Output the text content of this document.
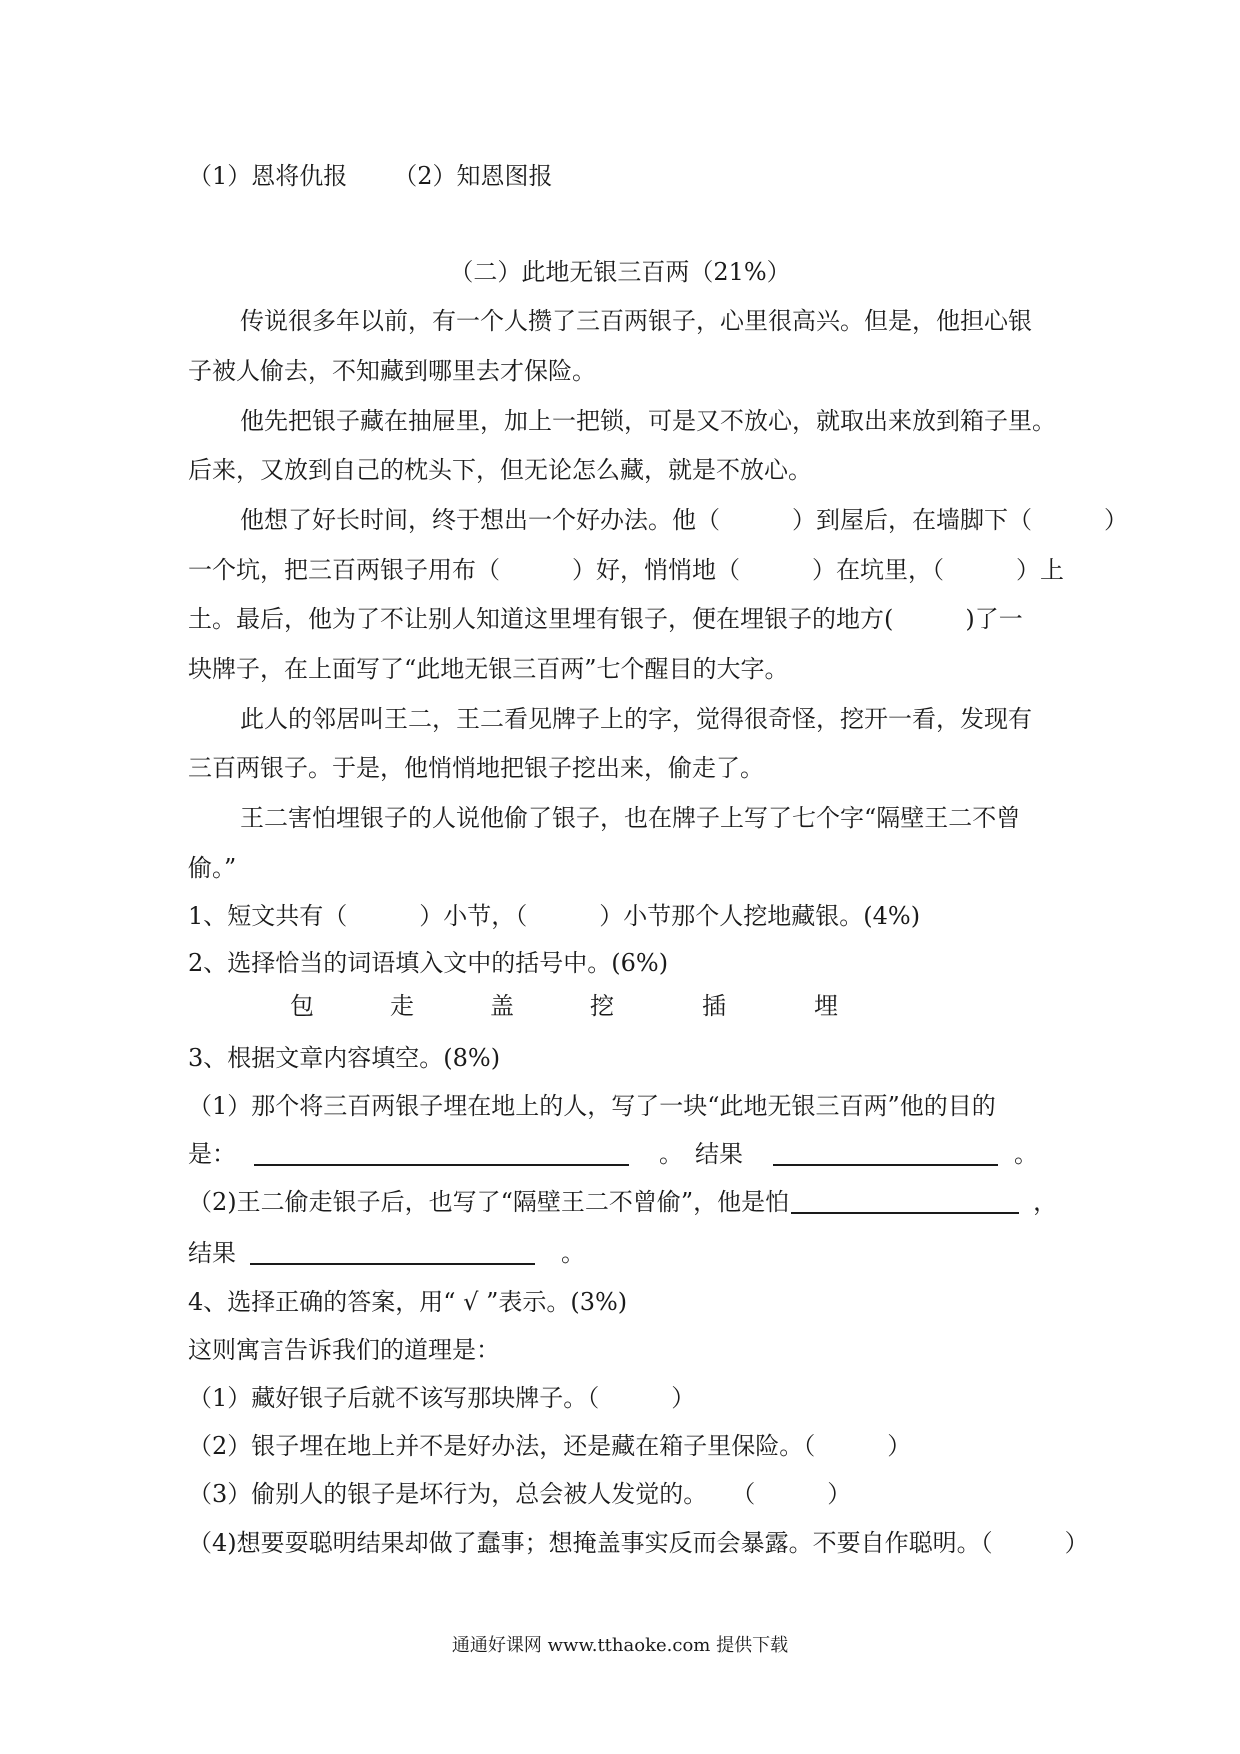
（1）恩将仇报 （2）知恩图报
（二）此地无银三百两（21%）
传说很多年以前，有一个人攒了三百两银子，心里很高兴。但是，他担心银
子被人偷去，不知藏到哪里去才保险。
他先把银子藏在抽屉里，加上一把锁，可是又不放心，就取出来放到箱子里。
后来，又放到自己的枕头下，但无论怎么藏，就是不放心。
他想了好长时间，终于想出一个好办法。他（　　　）到屋后，在墙脚下（　　　）
一个坑，把三百两银子用布（　　　）好，悄悄地（　　　）在坑里，（　　　）上
土。最后，他为了不让别人知道这里埋有银子，便在埋银子的地方(　　　)了一
块牌子，在上面写了“此地无银三百两”七个醒目的大字。
此人的邻居叫王二，王二看见牌子上的字，觉得很奇怪，挖开一看，发现有
三百两银子。于是，他悄悄地把银子挖出来，偷走了。
王二害怕埋银子的人说他偷了银子，也在牌子上写了七个字“隔壁王二不曾
偷。”
1、短文共有（　　　）小节，（　　　）小节那个人挖地藏银。(4%)
2、选择恰当的词语填入文中的括号中。(6%)
包	走	盖	挖	插	埋
3、根据文章内容填空。(8%)
（1）那个将三百两银子埋在地上的人，写了一块“此地无银三百两”他的目的
是：	。　结果	。
（2)王二偷走银子后，也写了“隔壁王二不曾偷”，他是怕	，
结果	。
4、选择正确的答案，用“ √ ”表示。(3%)
这则寓言告诉我们的道理是：
（1）藏好银子后就不该写那块牌子。（　　　）
（2）银子埋在地上并不是好办法，还是藏在箱子里保险。（　　　）
（3）偷别人的银子是坏行为，总会被人发觉的。　　（　　　）
（4)想要耍聪明结果却做了蠢事；想掩盖事实反而会暴露。不要自作聪明。（　　　）
通通好课网 www.tthaoke.com 提供下载
